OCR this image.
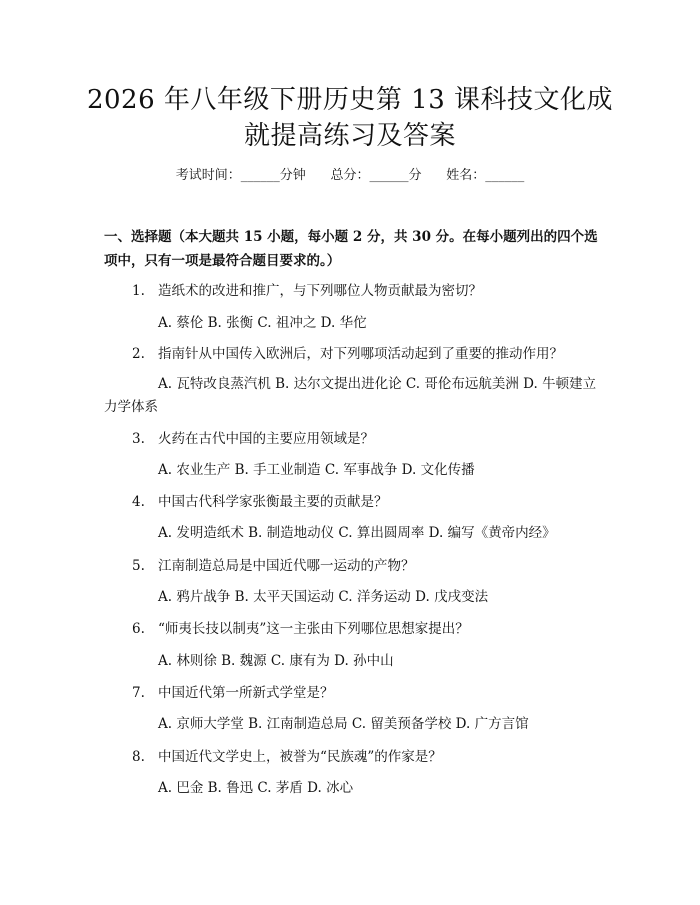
2026 年八年级下册历史第 13 课科技文化成
就提高练习及答案
考试时间：______分钟      总分：______分      姓名：______
一、选择题（本大题共 15 小题，每小题 2 分，共 30 分。在每小题列出的四个选项中，只有一项是最符合题目要求的。）
1. 造纸术的改进和推广，与下列哪位人物贡献最为密切？
A. 蔡伦 B. 张衡 C. 祖冲之 D. 华佗
2. 指南针从中国传入欧洲后，对下列哪项活动起到了重要的推动作用？
A. 瓦特改良蒸汽机 B. 达尔文提出进化论 C. 哥伦布远航美洲 D. 牛顿建立力学体系
3. 火药在古代中国的主要应用领域是？
A. 农业生产 B. 手工业制造 C. 军事战争 D. 文化传播
4. 中国古代科学家张衡最主要的贡献是？
A. 发明造纸术 B. 制造地动仪 C. 算出圆周率 D. 编写《黄帝内经》
5. 江南制造总局是中国近代哪一运动的产物？
A. 鸦片战争 B. 太平天国运动 C. 洋务运动 D. 戊戌变法
6. “师夷长技以制夷”这一主张由下列哪位思想家提出？
A. 林则徐 B. 魏源 C. 康有为 D. 孙中山
7. 中国近代第一所新式学堂是？
A. 京师大学堂 B. 江南制造总局 C. 留美预备学校 D. 广方言馆
8. 中国近代文学史上，被誉为“民族魂”的作家是？
A. 巴金 B. 鲁迅 C. 茅盾 D. 冰心
